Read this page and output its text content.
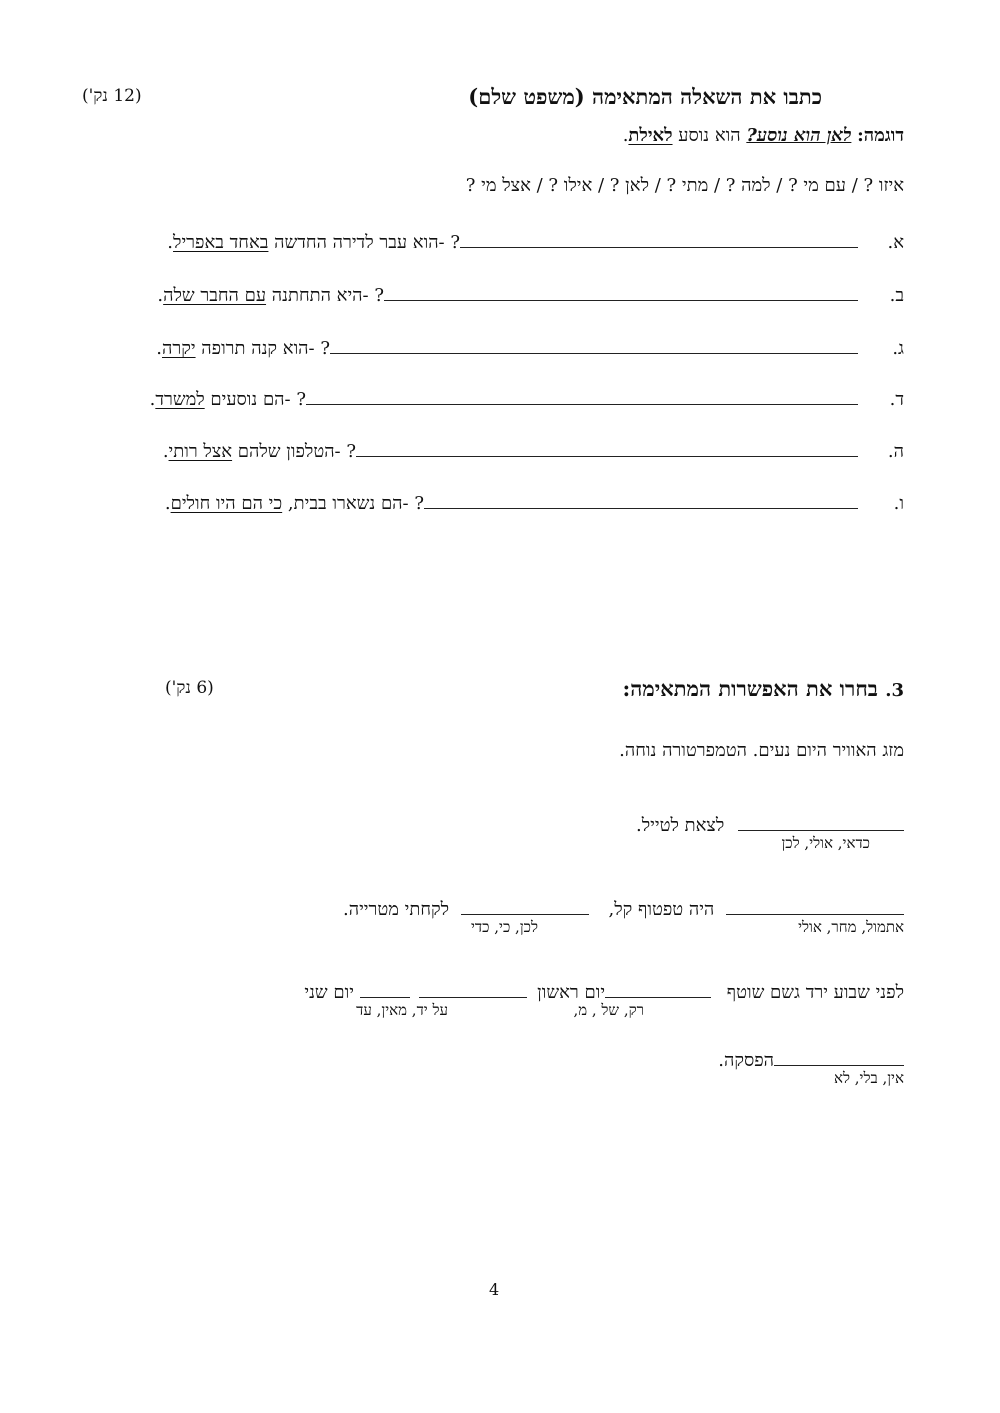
כתבו את השאלה המתאימה (משפט שלם)
(12 נק')
דוגמה: לאן הוא נוסע? הוא נוסע לאילת.
איזו ? / עם מי ? / למה ? / מתי ? / לאן ? / אילו ? / אצל מי ?
א.? -הוא עבר לדירה החדשה באחד באפריל.
ב.? -היא התחתנה עם החבר שלה.
ג.? -הוא קנה תרופה יקרה.
ד.? -הם נוסעים למשרד.
ה.? -הטלפון שלהם אצל רותי.
ו.? -הם נשארו בבית, כי הם היו חולים.
3. בחרו את האפשרות המתאימה:
(6 נק')
מזג האוויר היום נעים. הטמפרטורה נוחה.
לצאת לטייל.
כדאי, אולי, לכן
היה טפטוף קל,  לקחתי מטרייה.
אתמול, מחר, אולי
לכן, כי, כדי
לפני שבוע ירד גשם שוטף יום ראשון   יום שני
רק, של , מ,
על יד, מאין, עד
הפסקה.
אין, בלי, לא
4
